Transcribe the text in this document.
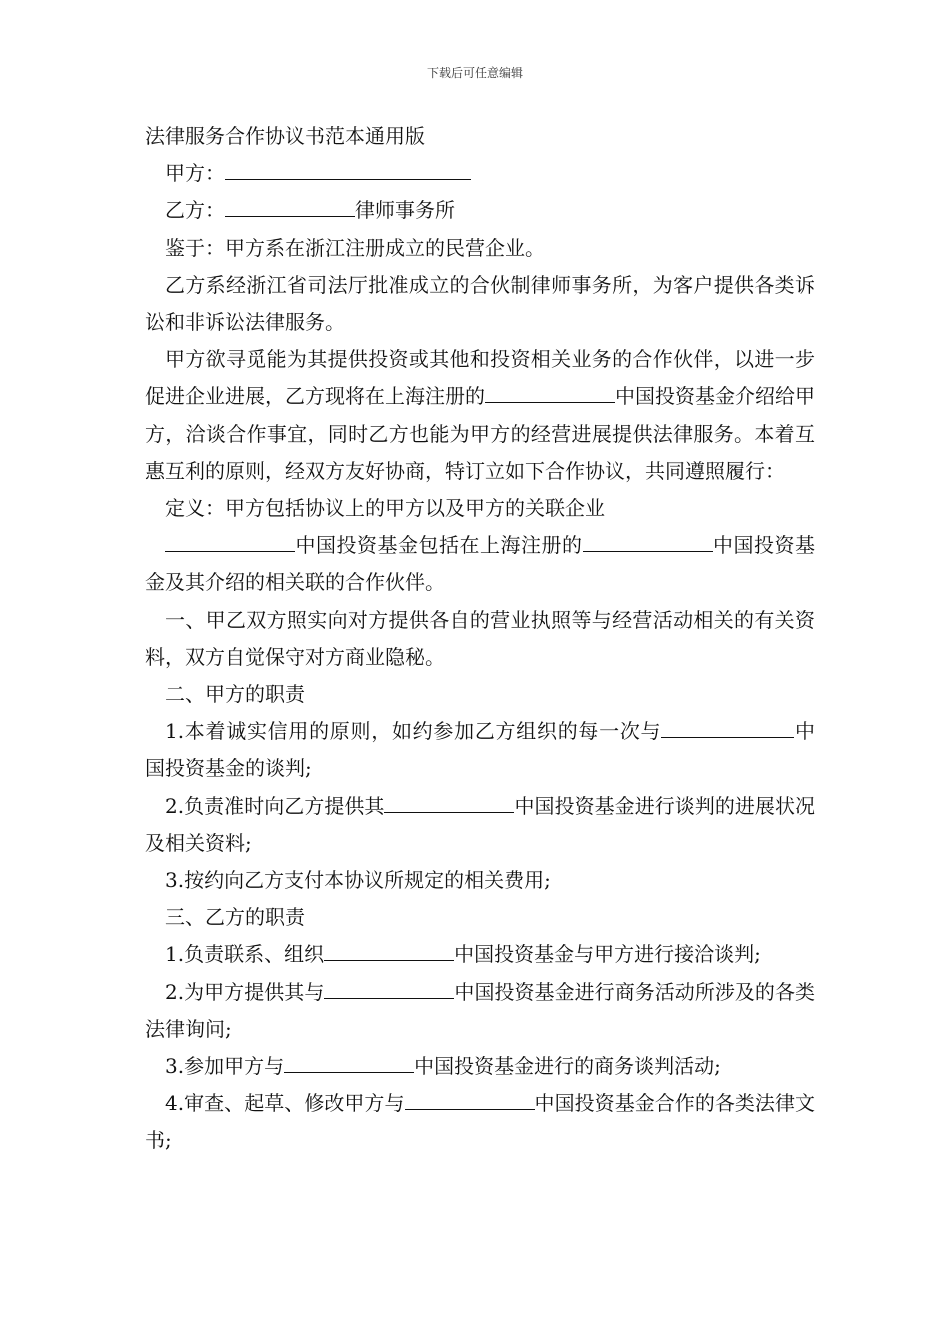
下载后可任意编辑

法律服务合作协议书范本通用版

甲方：

乙方：	律师事务所

鉴于：甲方系在浙江注册成立的民营企业。

乙方系经浙江省司法厅批准成立的合伙制律师事务所，为客户提供各类诉讼和非诉讼法律服务。

甲方欲寻觅能为其提供投资或其他和投资相关业务的合作伙伴，以进一步促进企业进展，乙方现将在上海注册的	中国投资基金介绍给甲方，洽谈合作事宜，同时乙方也能为甲方的经营进展提供法律服务。本着互惠互利的原则，经双方友好协商，特订立如下合作协议，共同遵照履行：

定义：甲方包括协议上的甲方以及甲方的关联企业

中国投资基金包括在上海注册的	中国投资基金及其介绍的相关联的合作伙伴。

一、甲乙双方照实向对方提供各自的营业执照等与经营活动相关的有关资料，双方自觉保守对方商业隐秘。

二、甲方的职责

1.本着诚实信用的原则，如约参加乙方组织的每一次与	中国投资基金的谈判;

2.负责准时向乙方提供其	中国投资基金进行谈判的进展状况及相关资料;

3.按约向乙方支付本协议所规定的相关费用;

三、乙方的职责

1.负责联系、组织	中国投资基金与甲方进行接洽谈判;

2.为甲方提供其与	中国投资基金进行商务活动所涉及的各类法律询问;

3.参加甲方与	中国投资基金进行的商务谈判活动;

4.审查、起草、修改甲方与	中国投资基金合作的各类法律文书;
